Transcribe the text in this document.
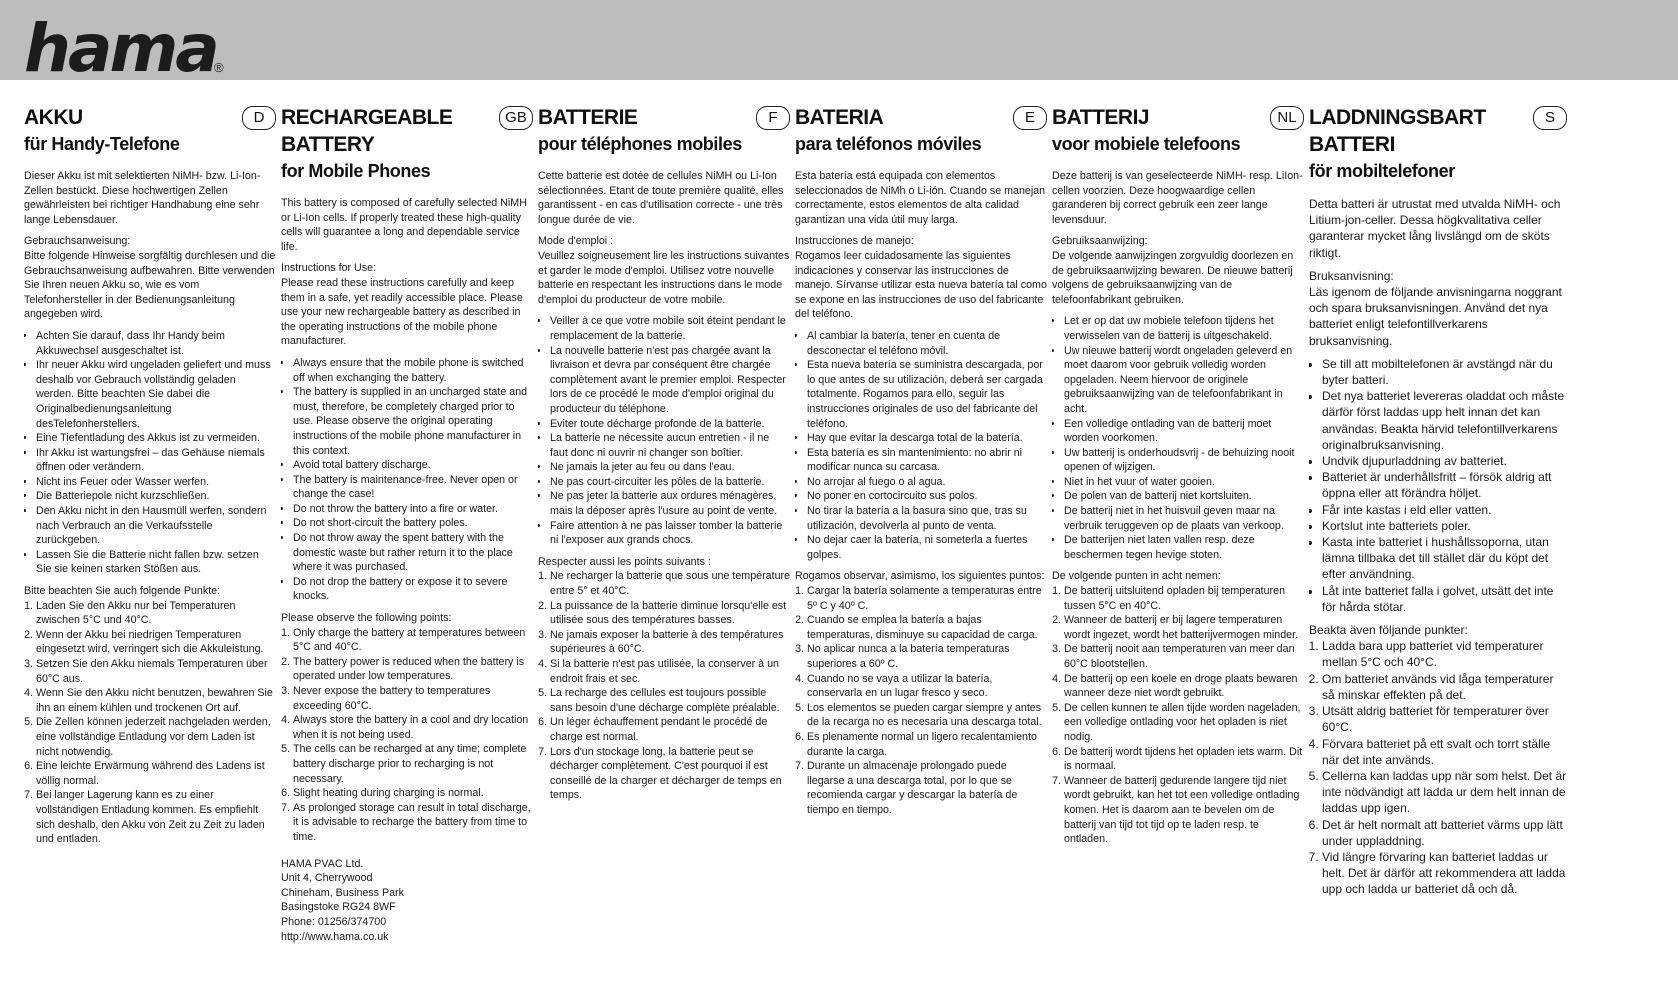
hama
®
AKKU	D
für Handy-Telefone

Dieser Akku ist mit selektierten NiMH- bzw. Li-Ion-Zellen bestückt. Diese hochwertigen Zellen gewährleisten bei richtiger Handhabung eine sehr lange Lebensdauer.

Gebrauchsanweisung:

Bitte folgende Hinweise sorgfältig durchlesen und die Gebrauchsanweisung aufbewahren. Bitte verwenden Sie Ihren neuen Akku so, wie es vom Telefonhersteller in der Bedienungsanleitung angegeben wird.

• Achten Sie darauf, dass Ihr Handy beim Akkuwechsel ausgeschaltet ist.
• Ihr neuer Akku wird ungeladen geliefert und muss deshalb vor Gebrauch vollständig geladen werden. Bitte beachten Sie dabei die Originalbedienungsanleitung desTelefonherstellers.
• Eine Tiefentladung des Akkus ist zu vermeiden.
• Ihr Akku ist wartungsfrei – das Gehäuse niemals öffnen oder verändern.
• Nicht ins Feuer oder Wasser werfen.
• Die Batteriepole nicht kurzschließen.
• Den Akku nicht in den Hausmüll werfen, sondern nach Verbrauch an die Verkaufsstelle zurückgeben.
• Lassen Sie die Batterie nicht fallen bzw. setzen Sie sie keinen starken Stößen aus.

Bitte beachten Sie auch folgende Punkte:

1. Laden Sie den Akku nur bei Temperaturen zwischen 5°C und 40°C.
2. Wenn der Akku bei niedrigen Temperaturen eingesetzt wird, verringert sich die Akkuleistung.
3. Setzen Sie den Akku niemals Temperaturen über 60°C aus.
4. Wenn Sie den Akku nicht benutzen, bewahren Sie ihn an einem kühlen und trockenen Ort auf.
5. Die Zellen können jederzeit nachgeladen werden, eine vollständige Entladung vor dem Laden ist nicht notwendig.
6. Eine leichte Erwärmung während des Ladens ist völlig normal.
7. Bei langer Lagerung kann es zu einer vollständigen Entladung kommen. Es empfiehlt sich deshalb, den Akku von Zeit zu Zeit zu laden und entladen.
RECHARGEABLE BATTERY
GB
for Mobile Phones

This battery is composed of carefully selected NiMH or Li-Ion cells. If properly treated these high-quality cells will guarantee a long and dependable service life.

Instructions for Use:

Please read these instructions carefully and keep them in a safe, yet readily accessible place. Please use your new rechargeable battery as described in the operating instructions of the mobile phone manufacturer.

• Always ensure that the mobile phone is switched off when exchanging the battery.
• The battery is supplied in an uncharged state and must, therefore, be completely charged prior to use. Please observe the original operating instructions of the mobile phone manufacturer in this context.
• Avoid total battery discharge.
• The battery is maintenance-free. Never open or change the case!
• Do not throw the battery into a fire or water.
• Do not short-circuit the battery poles.
• Do not throw away the spent battery with the domestic waste but rather return it to the place where it was purchased.
• Do not drop the battery or expose it to severe knocks.

Please observe the following points:

1. Only charge the battery at temperatures between 5°C and 40°C.
2. The battery power is reduced when the battery is operated under low temperatures.
3. Never expose the battery to temperatures exceeding 60°C.
4. Always store the battery in a cool and dry location when it is not being used.
5. The cells can be recharged at any time; complete battery discharge prior to recharging is not necessary.
6. Slight heating during charging is normal.
7. As prolonged storage can result in total discharge, it is advisable to recharge the battery from time to time.
HAMA PVAC Ltd.
Unit 4, Cherrywood
Chineham, Business Park
Basingstoke RG24 8WF
Phone: 01256/374700
http://www.hama.co.uk
BATTERIE	F
pour téléphones mobiles

Cette batterie est dotée de cellules NiMH ou Li-Ion sélectionnées. Etant de toute première qualité, elles garantissent - en cas d'utilisation correcte - une très longue durée de vie.

Mode d'emploi :

Veuillez soigneusement lire les instructions suivantes et garder le mode d'emploi. Utilisez votre nouvelle batterie en respectant les instructions dans le mode d'emploi du producteur de votre mobile.

• Veiller à ce que votre mobile soit éteint pendant le remplacement de la batterie.
• La nouvelle batterie n'est pas chargée avant la livraison et devra par conséquent être chargée complètement avant le premier emploi. Respecter lors de ce procédé le mode d'emploi original du producteur du téléphone.
• Eviter toute décharge profonde de la batterie.
• La batterie ne nécessite aucun entretien - il ne faut donc ni ouvrir ni changer son boîtier.
• Ne jamais la jeter au feu ou dans l'eau.
• Ne pas court-circuiter les pôles de la batterie.
• Ne pas jeter la batterie aux ordures ménagères, mais la déposer après l'usure au point de vente.
• Faire attention à ne pas laisser tomber la batterie ni l'exposer aux grands chocs.

Respecter aussi les points suivants :

1. Ne recharger la batterie que sous une température entre 5° et 40°C.
2. La puissance de la batterie diminue lorsqu'elle est utilisée sous des températures basses.
3. Ne jamais exposer la batterie à des températures supérieures à 60°C.
4. Si la batterie n'est pas utilisée, la conserver à un endroit frais et sec.
5. La recharge des cellules est toujours possible sans besoin d'une décharge complète préalable.
6. Un léger échauffement pendant le procédé de charge est normal.
7. Lors d'un stockage long, la batterie peut se décharger complètement. C'est pourquoi il est conseillé de la charger et décharger de temps en temps.
BATERIA	E
para teléfonos móviles

Esta batería está equipada con elementos seleccionados de NiMh o Li-ión. Cuando se manejan correctamente, estos elementos de alta calidad garantizan una vida útil muy larga.

Instrucciones de manejo:

Rogamos leer cuidadosamente las siguientes indicaciones y conservar las instrucciones de manejo. Sírvanse utilizar esta nueva batería tal como se expone en las instrucciones de uso del fabricante del teléfono.

• Al cambiar la batería, tener en cuenta de desconectar el teléfono móvil.
• Esta nueva batería se suministra descargada, por lo que antes de su utilización, deberá ser cargada totalmente. Rogamos para ello, seguir las instrucciones originales de uso del fabricante del teléfono.
• Hay que evitar la descarga total de la batería.
• Esta batería es sin mantenimiento: no abrir ni modificar nunca su carcasa.
• No arrojar al fuego o al agua.
• No poner en cortocircuito sus polos.
• No tirar la batería a la basura sino que, tras su utilización, devolverla al punto de venta.
• No dejar caer la batería, ni someterla a fuertes golpes.

Rogamos observar, asimismo, los siguientes puntos:

1. Cargar la batería solamente a temperaturas entre 5º C y 40º C.
2. Cuando se emplea la batería a bajas temperaturas, disminuye su capacidad de carga.
3. No aplicar nunca a la batería temperaturas superiores a 60º C.
4. Cuando no se vaya a utilizar la batería, conservarla en un lugar fresco y seco.
5. Los elementos se pueden cargar siempre y antes de la recarga no es necesaria una descarga total.
6. Es plenamente normal un ligero recalentamiento durante la carga.
7. Durante un almacenaje prolongado puede llegarse a una descarga total, por lo que se recomienda cargar y descargar la batería de tiempo en tiempo.
BATTERIJ	NL
voor mobiele telefoons

Deze batterij is van geselecteerde NiMH- resp. LiIon-cellen voorzien. Deze hoogwaardige cellen garanderen bij correct gebruik een zeer lange levensduur.

Gebruiksaanwijzing:

De volgende aanwijzingen zorgvuldig doorlezen en de gebruiksaanwijzing bewaren. De nieuwe batterij volgens de gebruiksaanwijzing van de telefoonfabrikant gebruiken.

• Let er op dat uw mobiele telefoon tijdens het verwisselen van de batterij is uitgeschakeld.
• Uw nieuwe batterij wordt ongeladen geleverd en moet daarom voor gebruik volledig worden opgeladen. Neem hiervoor de originele gebruiksaanwijzing van de telefoonfabrikant in acht.
• Een volledige ontlading van de batterij moet worden voorkomen.
• Uw batterij is onderhoudsvrij - de behuizing nooit openen of wijzigen.
• Niet in het vuur of water gooien.
• De polen van de batterij niet kortsluiten.
• De batterij niet in het huisvuil geven maar na verbruik teruggeven op de plaats van verkoop.
• De batterijen niet laten vallen resp. deze beschermen tegen hevige stoten.

De volgende punten in acht nemen:

1. De batterij uitsluitend opladen bij temperaturen tussen 5°C en 40°C.
2. Wanneer de batterij er bij lagere temperaturen wordt ingezet, wordt het batterijvermogen minder.
3. De batterij nooit aan temperaturen van meer dan 60°C blootstellen.
4. De batterij op een koele en droge plaats bewaren wanneer deze niet wordt gebruikt.
5. De cellen kunnen te allen tijde worden nageladen, een volledige ontlading voor het opladen is niet nodig.
6. De batterij wordt tijdens het opladen iets warm. Dit is normaal.
7. Wanneer de batterij gedurende langere tijd niet wordt gebruikt, kan het tot een volledige ontlading komen. Het is daarom aan te bevelen om de batterij van tijd tot tijd op te laden resp. te ontladen.
LADDNINGSBART BATTERI
S
för mobiltelefoner

Detta batteri är utrustat med utvalda NiMH- och Litium-jon-celler. Dessa högkvalitativa celler garanterar mycket lång livslängd om de sköts riktigt.

Bruksanvisning:

Läs igenom de följande anvisningarna noggrant och spara bruksanvisningen. Använd det nya batteriet enligt telefontillverkarens bruksanvisning.

• Se till att mobiltelefonen är avstängd när du byter batteri.
• Det nya batteriet levereras oladdat och måste därför först laddas upp helt innan det kan användas. Beakta härvid telefontillverkarens originalbruksanvisning.
• Undvik djupurladdning av batteriet.
• Batteriet är underhållsfritt – försök aldrig att öppna eller att förändra höljet.
• Får inte kastas i eld eller vatten.
• Kortslut inte batteriets poler.
• Kasta inte batteriet i hushållssoporna, utan lämna tillbaka det till stället där du köpt det efter användning.
• Låt inte batteriet falla i golvet, utsätt det inte för hårda stötar.

Beakta även följande punkter:

1. Ladda bara upp batteriet vid temperaturer mellan 5°C och 40°C.
2. Om batteriet används vid låga temperaturer så minskar effekten på det.
3. Utsätt aldrig batteriet för temperaturer över 60°C.
4. Förvara batteriet på ett svalt och torrt ställe när det inte används.
5. Cellerna kan laddas upp när som helst. Det är inte nödvändigt att ladda ur dem helt innan de laddas upp igen.
6. Det är helt normalt att batteriet värms upp lätt under uppladdning.
7. Vid längre förvaring kan batteriet laddas ur helt. Det är därför att rekommendera att ladda upp och ladda ur batteriet då och då.
